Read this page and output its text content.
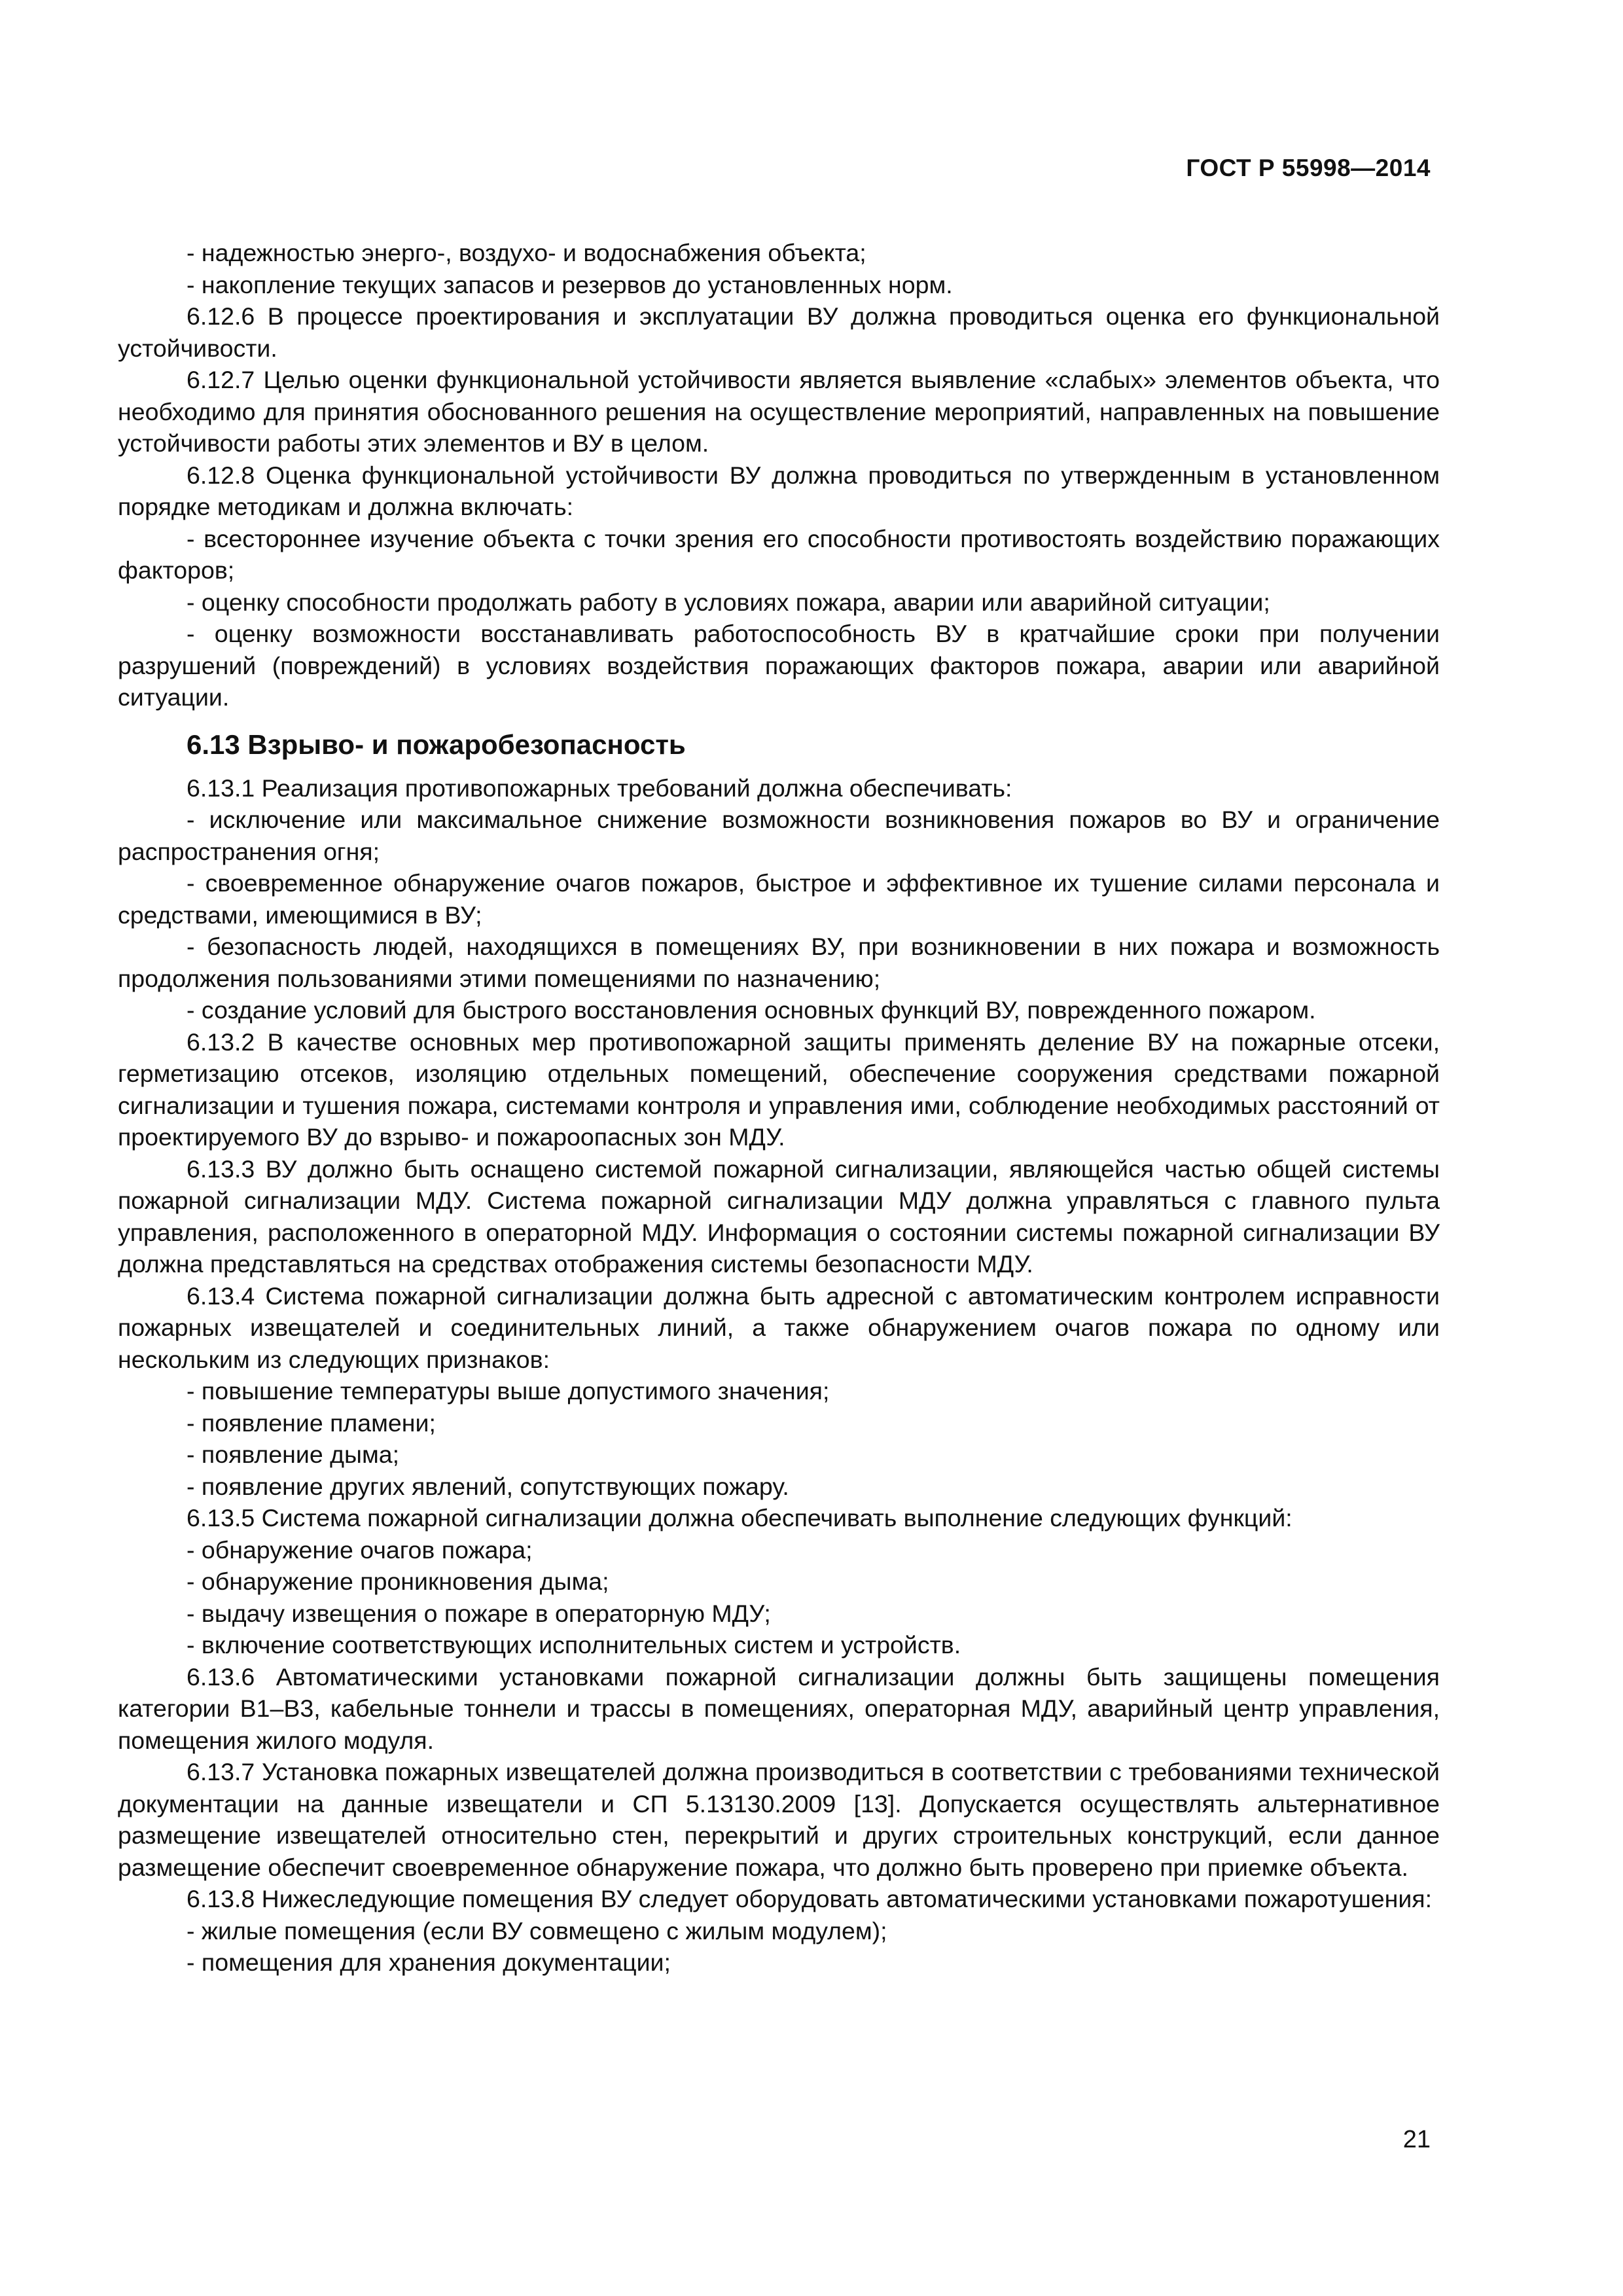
ГОСТ Р 55998—2014

- надежностью энерго-, воздухо- и водоснабжения объекта;

- накопление текущих запасов и резервов до установленных норм.

6.12.6 В процессе проектирования и эксплуатации ВУ должна проводиться оценка его функциональной устойчивости.

6.12.7 Целью оценки функциональной устойчивости является выявление «слабых» элементов объекта, что необходимо для принятия обоснованного решения на осуществление мероприятий, направленных на повышение устойчивости работы этих элементов и ВУ в целом.

6.12.8 Оценка функциональной устойчивости ВУ должна проводиться по утвержденным в установленном порядке методикам и должна включать:

- всестороннее изучение объекта с точки зрения его способности противостоять воздействию поражающих факторов;

- оценку способности продолжать работу в условиях пожара, аварии или аварийной ситуации;

- оценку возможности восстанавливать работоспособность ВУ в кратчайшие сроки при получении разрушений (повреждений) в условиях воздействия поражающих факторов пожара, аварии или аварийной ситуации.

6.13 Взрыво- и пожаробезопасность

6.13.1 Реализация противопожарных требований должна обеспечивать:

- исключение или максимальное снижение возможности возникновения пожаров во ВУ и ограничение распространения огня;

- своевременное обнаружение очагов пожаров, быстрое и эффективное их тушение силами персонала и средствами, имеющимися в ВУ;

- безопасность людей, находящихся в помещениях ВУ, при возникновении в них пожара и возможность продолжения пользованиями этими помещениями по назначению;

- создание условий для быстрого восстановления основных функций ВУ, поврежденного пожаром.

6.13.2 В качестве основных мер противопожарной защиты применять деление ВУ на пожарные отсеки, герметизацию отсеков, изоляцию отдельных помещений, обеспечение сооружения средствами пожарной сигнализации и тушения пожара, системами контроля и управления ими, соблюдение необходимых расстояний от проектируемого ВУ до взрыво- и пожароопасных зон МДУ.

6.13.3 ВУ должно быть оснащено системой пожарной сигнализации, являющейся частью общей системы пожарной сигнализации МДУ. Система пожарной сигнализации МДУ должна управляться с главного пульта управления, расположенного в операторной МДУ. Информация о состоянии системы пожарной сигнализации ВУ должна представляться на средствах отображения системы безопасности МДУ.

6.13.4 Система пожарной сигнализации должна быть адресной с автоматическим контролем исправности пожарных извещателей и соединительных линий, а также обнаружением очагов пожара по одному или нескольким из следующих признаков:

- повышение температуры выше допустимого значения;

- появление пламени;

- появление дыма;

- появление других явлений, сопутствующих пожару.

6.13.5 Система пожарной сигнализации должна обеспечивать выполнение следующих функций:

- обнаружение очагов пожара;

- обнаружение проникновения дыма;

- выдачу извещения о пожаре в операторную МДУ;

- включение соответствующих исполнительных систем и устройств.

6.13.6 Автоматическими установками пожарной сигнализации должны быть защищены помещения категории В1–В3, кабельные тоннели и трассы в помещениях, операторная МДУ, аварийный центр управления, помещения жилого модуля.

6.13.7 Установка пожарных извещателей должна производиться в соответствии с требованиями технической документации на данные извещатели и СП 5.13130.2009 [13]. Допускается осуществлять альтернативное размещение извещателей относительно стен, перекрытий и других строительных конструкций, если данное размещение обеспечит своевременное обнаружение пожара, что должно быть проверено при приемке объекта.

6.13.8 Нижеследующие помещения ВУ следует оборудовать автоматическими установками пожаротушения:

- жилые помещения (если ВУ совмещено с жилым модулем);

- помещения для хранения документации;

21
